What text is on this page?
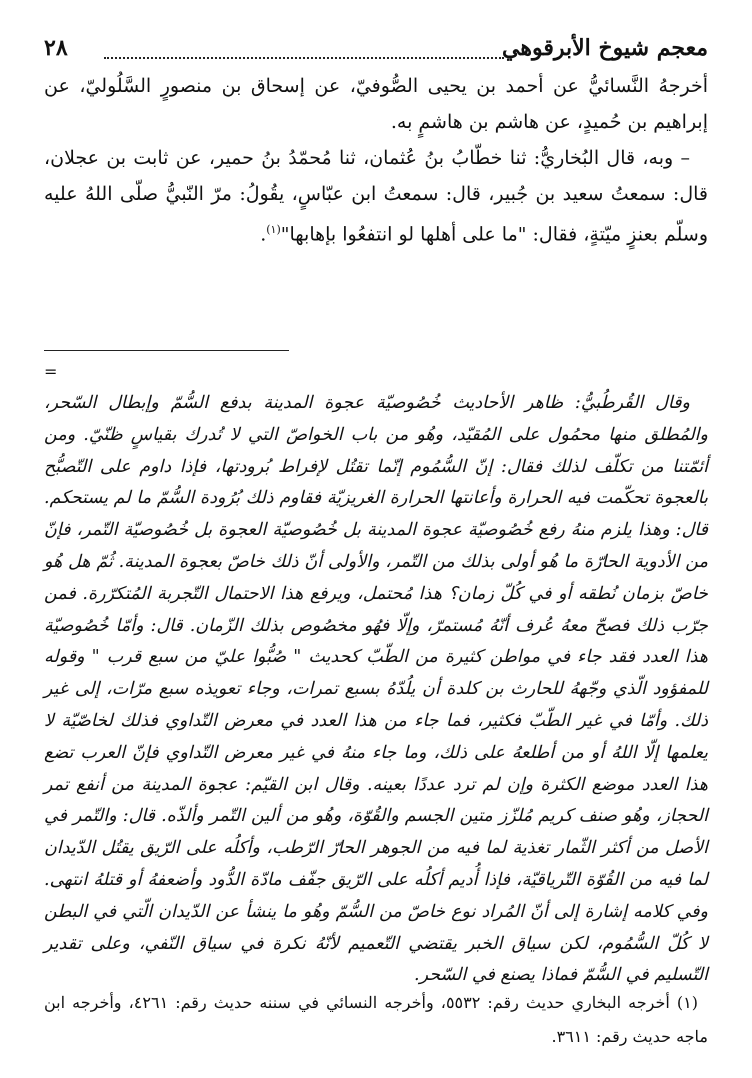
معجم شيوخ الأبرقوهي
٢٨

أخرجهُ النَّسائيُّ عن أحمد بن يحيى الصُّوفيّ، عن إسحاق بن منصورٍ السَّلُوليّ، عن إبراهيم بن حُميدٍ، عن هاشم بن هاشمٍ به.

– وبه، قال البُخاريُّ: ثنا خطّابُ بنُ عُثمان، ثنا مُحمّدُ بنُ حمير، عن ثابت بن عجلان، قال: سمعتُ سعيد بن جُبير، قال: سمعتُ ابن عبّاسٍ، يقُولُ: مرّ النّبيُّ صلّى اللهُ عليه وسلّم بعنزٍ ميّتةٍ، فقال: "ما على أهلها لو انتفعُوا بإهابها"$^{(١)}$.

=

وقال القُرطُبيُّ: ظاهر الأحاديث خُصُوصيّة عجوة المدينة بدفع السُّمّ وإبطال السّحر، والمُطلق منها محمُول على المُقيّد، وهُو من باب الخواصّ التي لا تُدرك بقياسٍ ظنّيّ. ومن أئمّتنا من تكلّف لذلك فقال: إنّ السُّمُوم إنّما تقتُل لإفراط بُرودتها، فإذا داوم على التّصبُّح بالعجوة تحكّمت فيه الحرارة وأعانتها الحرارة الغريزيّة فقاوم ذلك بُرُودة السُّمّ ما لم يستحكم. قال: وهذا يلزم منهُ رفع خُصُوصيّة عجوة المدينة بل خُصُوصيّة العجوة بل خُصُوصيّة التّمر، فإنّ من الأدوية الحارّة ما هُو أولى بذلك من التّمر، والأولى أنّ ذلك خاصّ بعجوة المدينة. ثُمّ هل هُو خاصّ بزمان نُطقه أو في كُلّ زمان؟ هذا مُحتمل، ويرفع هذا الاحتمال التّجربة المُتكرّرة. فمن جرّب ذلك فصحّ معهُ عُرف أنّهُ مُستمرّ، وإلّا فهُو مخصُوص بذلك الزّمان. قال: وأمّا خُصُوصيّة هذا العدد فقد جاء في مواطن كثيرة من الطّبّ كحديث " صُبُّوا عليّ من سبع قرب " وقوله للمفؤود الّذي وجّههُ للحارث بن كلدة أن يلُدّهُ بسبع تمرات، وجاء تعويذه سبع مرّات، إلى غير ذلك. وأمّا في غير الطّبّ فكثير، فما جاء من هذا العدد في معرض التّداوي فذلك لخاصّيّة لا يعلمها إلّا اللهُ أو من أطلعهُ على ذلك، وما جاء منهُ في غير معرض التّداوي فإنّ العرب تضع هذا العدد موضع الكثرة وإن لم ترد عددًا بعينه. وقال ابن القيّم: عجوة المدينة من أنفع تمر الحجاز، وهُو صنف كريم مُلزّز متين الجسم والقُوّة، وهُو من ألين التّمر وألذّه. قال: والتّمر في الأصل من أكثر الثّمار تغذية لما فيه من الجوهر الحارّ الرّطب، وأكلُه على الرّيق يقتُل الدّيدان لما فيه من القُوّة التّرياقيّة، فإذا أُديم أكلُه على الرّيق جفّف مادّة الدُّود وأضعفهُ أو قتلهُ انتهى. وفي كلامه إشارة إلى أنّ المُراد نوع خاصّ من السُّمّ وهُو ما ينشأ عن الدّيدان الّتي في البطن لا كُلّ السُّمُوم، لكن سياق الخبر يقتضي التّعميم لأنّهُ نكرة في سياق النّفي، وعلى تقدير التّسليم في السُّمّ فماذا يصنع في السّحر.

(١) أخرجه البخاري حديث رقم: ٥٥٣٢، وأخرجه النسائي في سننه حديث رقم: ٤٢٦١، وأخرجه ابن ماجه حديث رقم: ٣٦١١.
